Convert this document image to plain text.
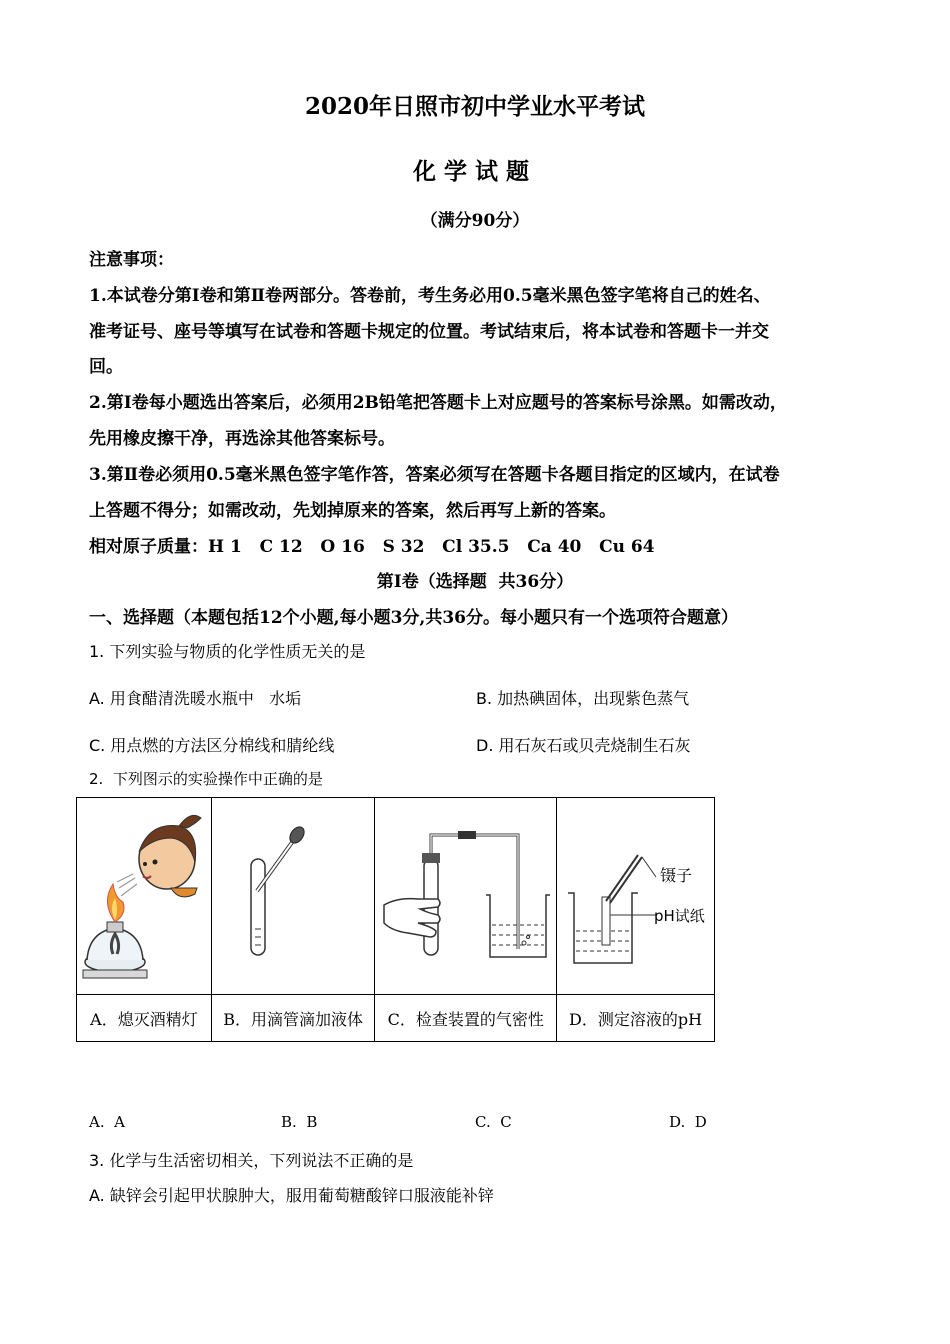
2020年日照市初中学业水平考试
化学试题
（满分90分）
注意事项：
1.本试卷分第Ⅰ卷和第Ⅱ卷两部分。答卷前，考生务必用0.5毫米黑色签字笔将自己的姓名、
准考证号、座号等填写在试卷和答题卡规定的位置。考试结束后，将本试卷和答题卡一并交
回。
2.第Ⅰ卷每小题选出答案后，必须用2B铅笔把答题卡上对应题号的答案标号涂黑。如需改动，
先用橡皮擦干净，再选涂其他答案标号。
3.第Ⅱ卷必须用0.5毫米黑色签字笔作答，答案必须写在答题卡各题目指定的区域内，在试卷
上答题不得分；如需改动，先划掉原来的答案，然后再写上新的答案。
相对原子质量：H 1   C 12   O 16   S 32   Cl 35.5   Ca 40   Cu 64
第Ⅰ卷（选择题  共36分）
一、选择题（本题包括12个小题,每小题3分,共36分。每小题只有一个选项符合题意）
1. 下列实验与物质的化学性质无关的是
A. 用食醋清洗暖水瓶中   水垢	B. 加热碘固体，出现紫色蒸气
C. 用点燃的方法区分棉线和腈纶线	D. 用石灰石或贝壳烧制生石灰
2.  下列图示的实验操作中正确的是

镊子
pH试纸

A．熄灭酒精灯	B．用滴管滴加液体	C．检查装置的气密性	D．测定溶液的pH
A.  A	B.  B	C.  C	D.  D
3. 化学与生活密切相关，下列说法不正确的是
A. 缺锌会引起甲状腺肿大，服用葡萄糖酸锌口服液能补锌
